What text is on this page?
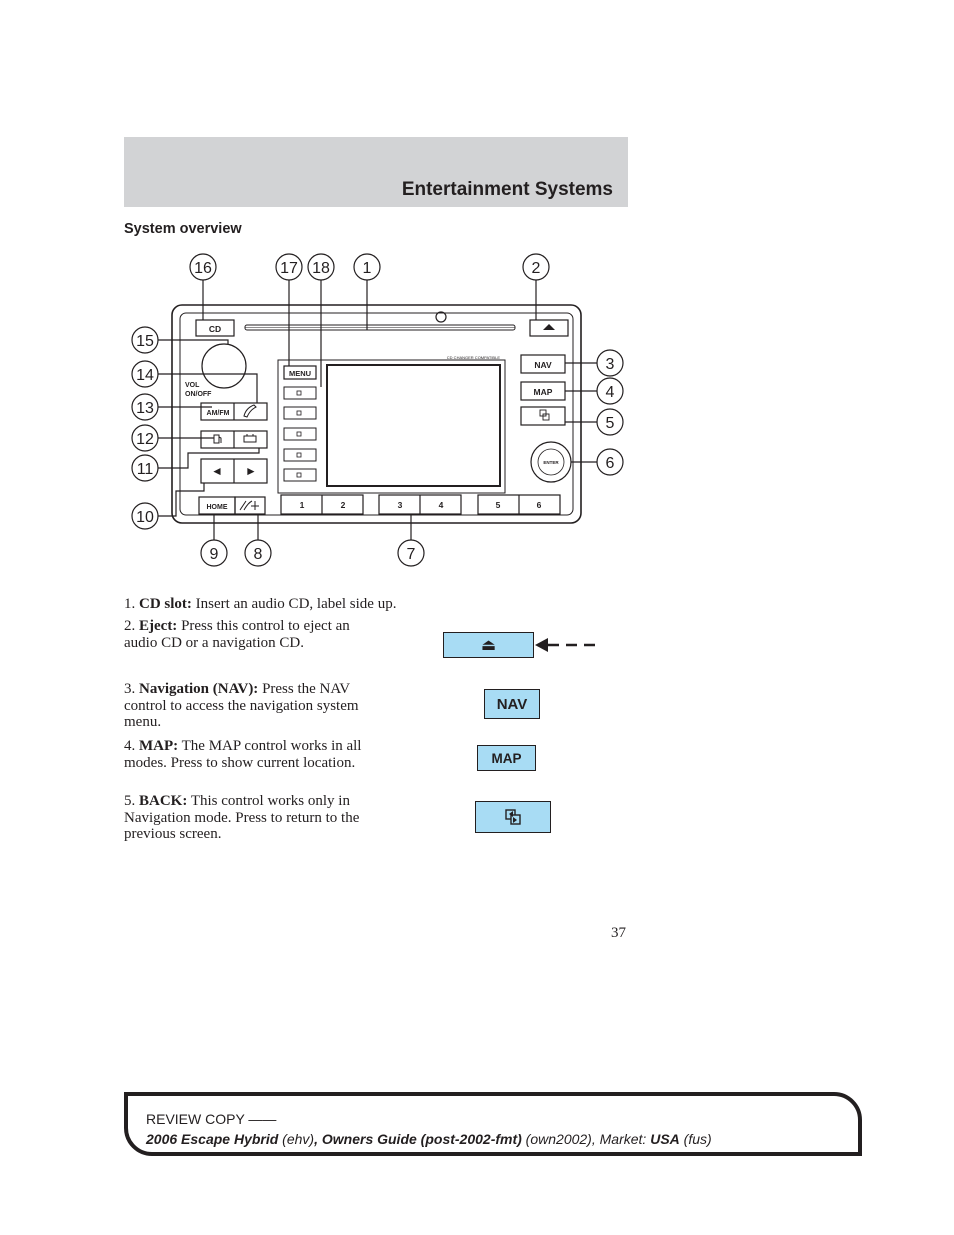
Entertainment Systems
System overview
CD
VOL
ON/OFF
AM/FM
◄ ►
HOME
MENU
CD CHANGER COMPATIBLE
NAV
MAP
ENTER
1	2	3	4	5	6
1	2
3
4
5
6
7
8
9
10
11
12
13
14
15
16	17 18
1. CD slot: Insert an audio CD, label side up.
2. Eject: Press this control to eject an audio CD or a navigation CD.
3. Navigation (NAV): Press the NAV control to access the navigation system menu.
4. MAP: The MAP control works in all modes. Press to show current location.
5. BACK: This control works only in Navigation mode. Press to return to the previous screen.
⏏
NAV
MAP
37
REVIEW COPY ——
2006 Escape Hybrid (ehv), Owners Guide (post-2002-fmt) (own2002), Market: USA (fus)
